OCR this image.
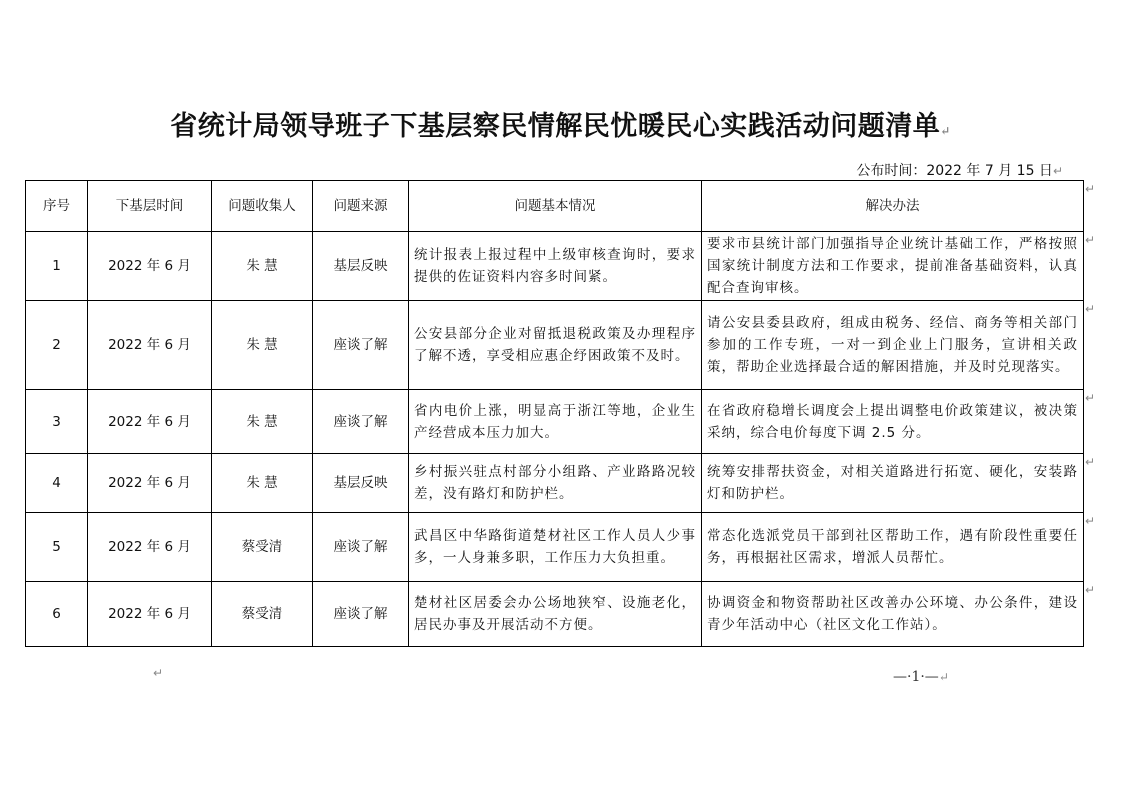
省统计局领导班子下基层察民情解民忧暖民心实践活动问题清单↵
公布时间：2022 年 7 月 15 日↵
序号	下基层时间	问题收集人	问题来源	问题基本情况	解决办法
1	2022 年 6 月	朱 慧	基层反映	统计报表上报过程中上级审核查询时，要求提供的佐证资料内容多时间紧。	要求市县统计部门加强指导企业统计基础工作，严格按照国家统计制度方法和工作要求，提前准备基础资料，认真配合查询审核。
2	2022 年 6 月	朱 慧	座谈了解	公安县部分企业对留抵退税政策及办理程序了解不透，享受相应惠企纾困政策不及时。	请公安县委县政府，组成由税务、经信、商务等相关部门参加的工作专班，一对一到企业上门服务，宣讲相关政策，帮助企业选择最合适的解困措施，并及时兑现落实。
3	2022 年 6 月	朱 慧	座谈了解	省内电价上涨，明显高于浙江等地，企业生产经营成本压力加大。	在省政府稳增长调度会上提出调整电价政策建议，被决策采纳，综合电价每度下调 2.5 分。
4	2022 年 6 月	朱 慧	基层反映	乡村振兴驻点村部分小组路、产业路路况较差，没有路灯和防护栏。	统筹安排帮扶资金，对相关道路进行拓宽、硬化，安装路灯和防护栏。
5	2022 年 6 月	蔡受清	座谈了解	武昌区中华路街道楚材社区工作人员人少事多，一人身兼多职，工作压力大负担重。	常态化选派党员干部到社区帮助工作，遇有阶段性重要任务，再根据社区需求，增派人员帮忙。
6	2022 年 6 月	蔡受清	座谈了解	楚材社区居委会办公场地狭窄、设施老化，居民办事及开展活动不方便。	协调资金和物资帮助社区改善办公环境、办公条件，建设青少年活动中心（社区文化工作站）。
↵
↵
↵
↵
↵
↵
↵
↵	—·1·—↵
